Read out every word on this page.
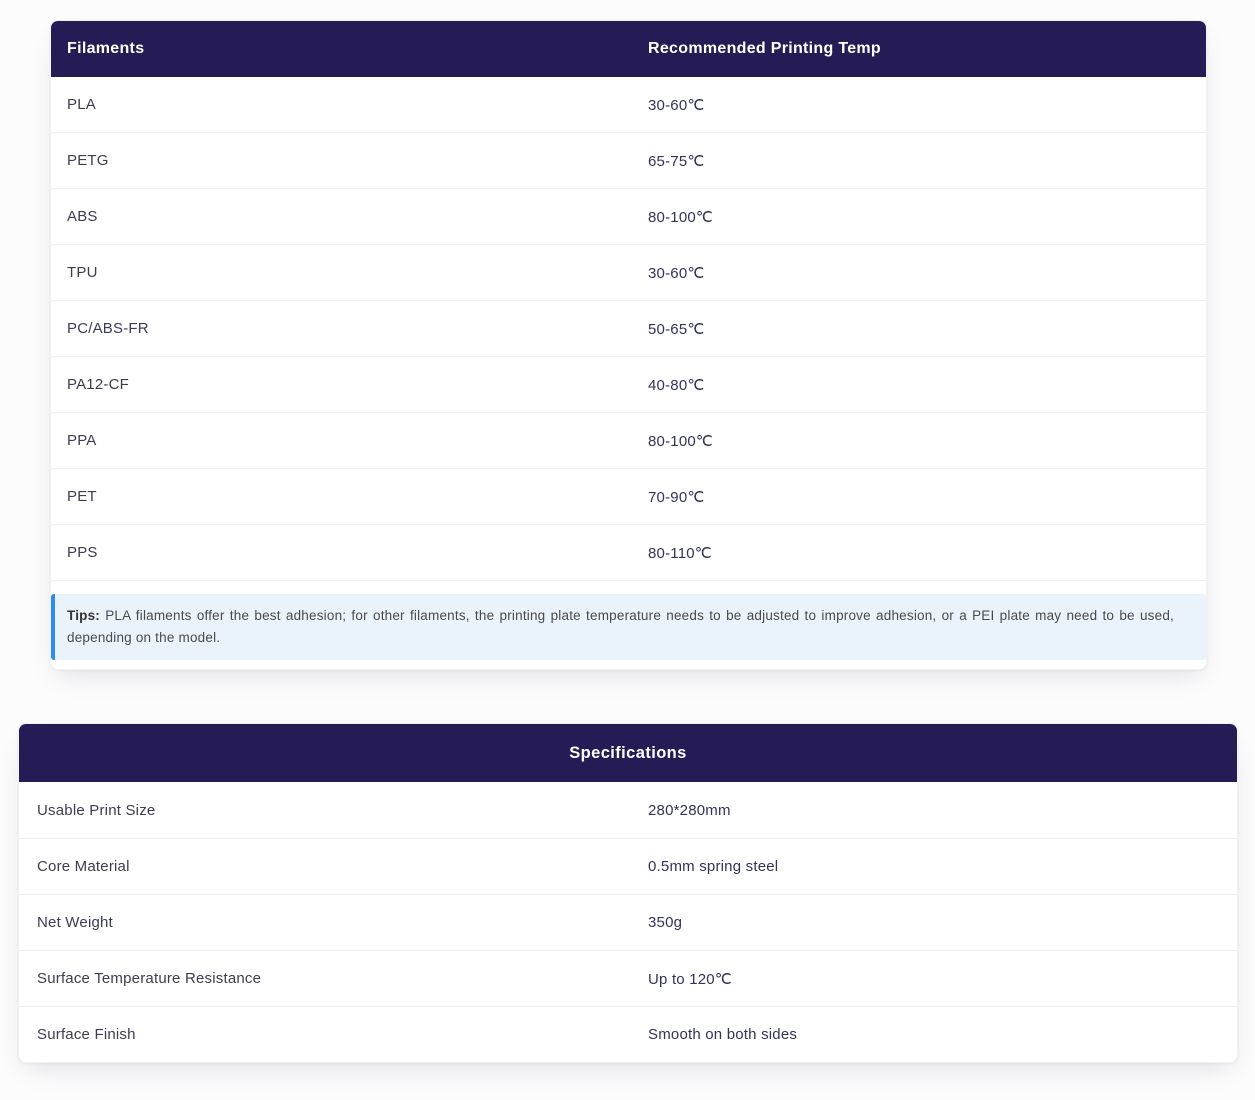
Filaments	Recommended Printing Temp
PLA	30-60℃
PETG	65-75℃
ABS	80-100℃
TPU	30-60℃
PC/ABS-FR	50-65℃
PA12-CF	40-80℃
PPA	80-100℃
PET	70-90℃
PPS	80-110℃
Tips: PLA filaments offer the best adhesion; for other filaments, the printing plate temperature needs to be adjusted to improve adhesion, or a PEI plate may need to be used, depending on the model.
Specifications
Usable Print Size	280*280mm
Core Material	0.5mm spring steel
Net Weight	350g
Surface Temperature Resistance	Up to 120℃
Surface Finish	Smooth on both sides
